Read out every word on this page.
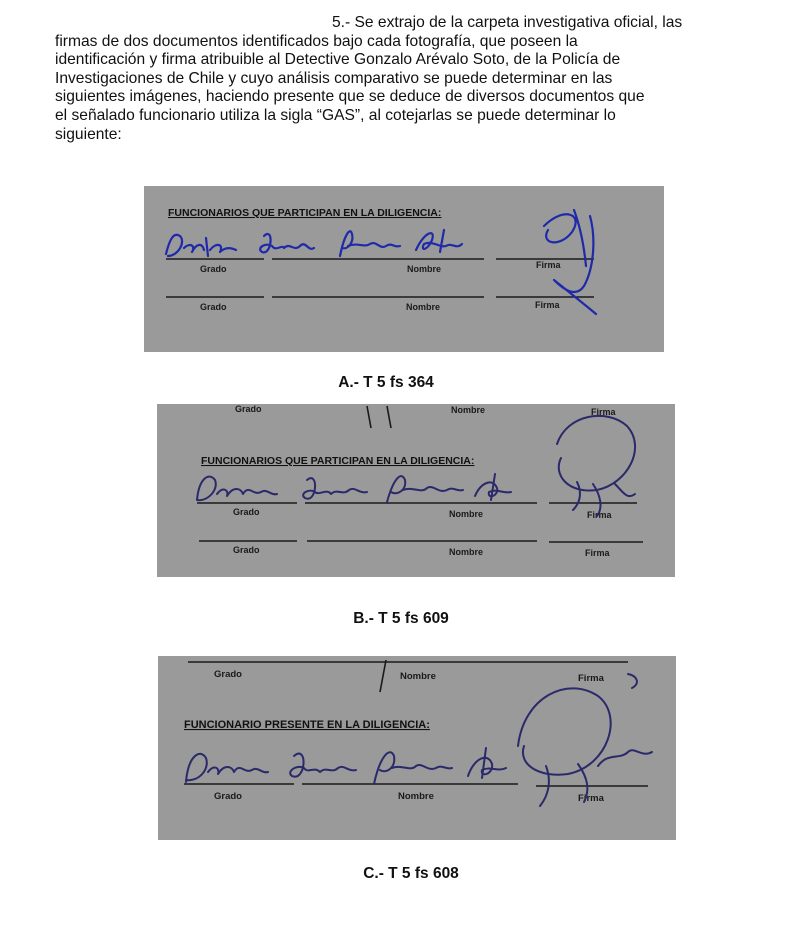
5.- Se extrajo de la carpeta investigativa oficial, las
firmas de dos documentos identificados bajo cada fotografía, que poseen la
identificación y firma atribuible al Detective Gonzalo Arévalo Soto, de la Policía de
Investigaciones de Chile y cuyo análisis comparativo se puede determinar en las
siguientes imágenes, haciendo presente que se deduce de diversos documentos que
el señalado funcionario utiliza la sigla “GAS”, al cotejarlas se puede determinar lo
siguiente:
FUNCIONARIOS QUE PARTICIPAN EN LA DILIGENCIA:
Grado	Nombre	Firma
Grado	Nombre	Firma
A.- T 5 fs 364
Grado	Nombre	Firma
FUNCIONARIOS QUE PARTICIPAN EN LA DILIGENCIA:
Grado	Nombre	Firma
Grado	Nombre	Firma
B.- T 5 fs 609
Grado	Nombre	Firma
FUNCIONARIO PRESENTE EN LA DILIGENCIA:
Grado	Nombre	Firma
C.- T 5 fs 608
